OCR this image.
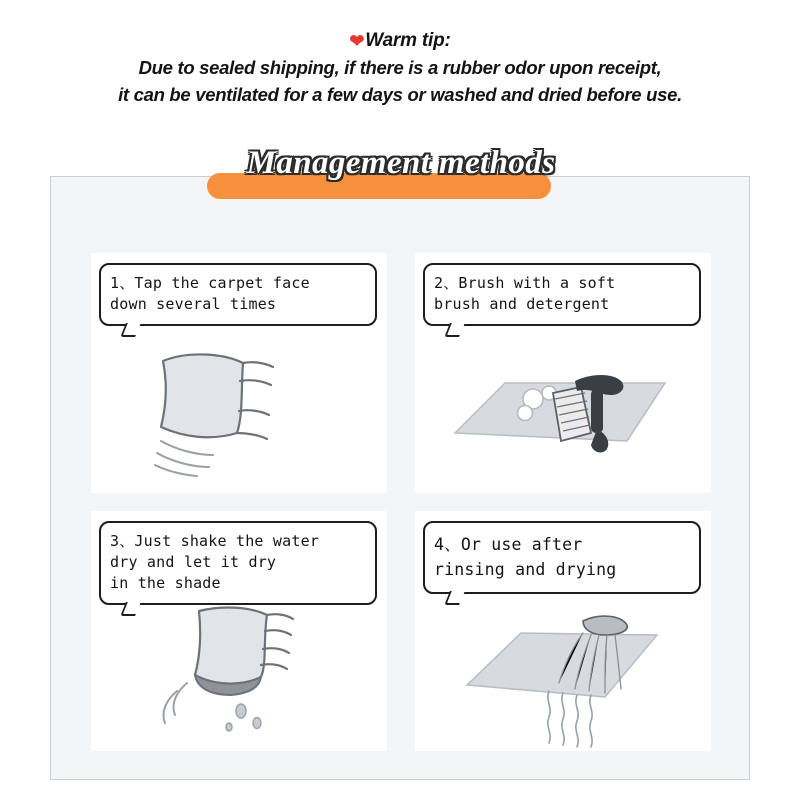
❤Warm tip:
Due to sealed shipping, if there is a rubber odor upon receipt,
it can be ventilated for a few days or washed and dried before use.
Management methods
1、Tap the carpet face
down several times
2、Brush with a soft
brush and detergent
3、Just shake the water
dry and let it dry
in the shade
4、Or use after
rinsing and drying
